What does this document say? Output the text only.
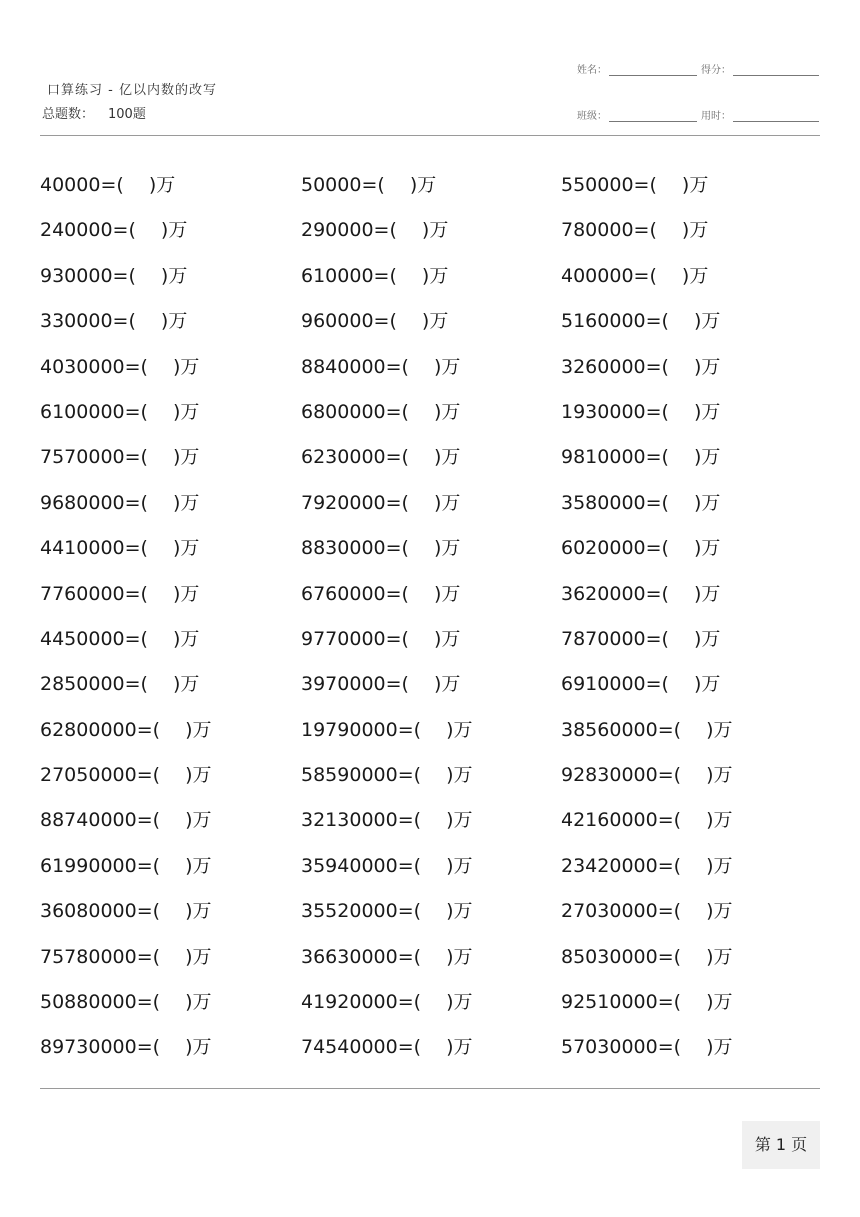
口算练习 - 亿以内数的改写
总题数： 100题
姓名：	得分：
班级：	用时：
40000=(　 )万	50000=(　 )万	550000=(　 )万
240000=(　 )万	290000=(　 )万	780000=(　 )万
930000=(　 )万	610000=(　 )万	400000=(　 )万
330000=(　 )万	960000=(　 )万	5160000=(　 )万
4030000=(　 )万	8840000=(　 )万	3260000=(　 )万
6100000=(　 )万	6800000=(　 )万	1930000=(　 )万
7570000=(　 )万	6230000=(　 )万	9810000=(　 )万
9680000=(　 )万	7920000=(　 )万	3580000=(　 )万
4410000=(　 )万	8830000=(　 )万	6020000=(　 )万
7760000=(　 )万	6760000=(　 )万	3620000=(　 )万
4450000=(　 )万	9770000=(　 )万	7870000=(　 )万
2850000=(　 )万	3970000=(　 )万	6910000=(　 )万
62800000=(　 )万	19790000=(　 )万	38560000=(　 )万
27050000=(　 )万	58590000=(　 )万	92830000=(　 )万
88740000=(　 )万	32130000=(　 )万	42160000=(　 )万
61990000=(　 )万	35940000=(　 )万	23420000=(　 )万
36080000=(　 )万	35520000=(　 )万	27030000=(　 )万
75780000=(　 )万	36630000=(　 )万	85030000=(　 )万
50880000=(　 )万	41920000=(　 )万	92510000=(　 )万
89730000=(　 )万	74540000=(　 )万	57030000=(　 )万
第 1 页
